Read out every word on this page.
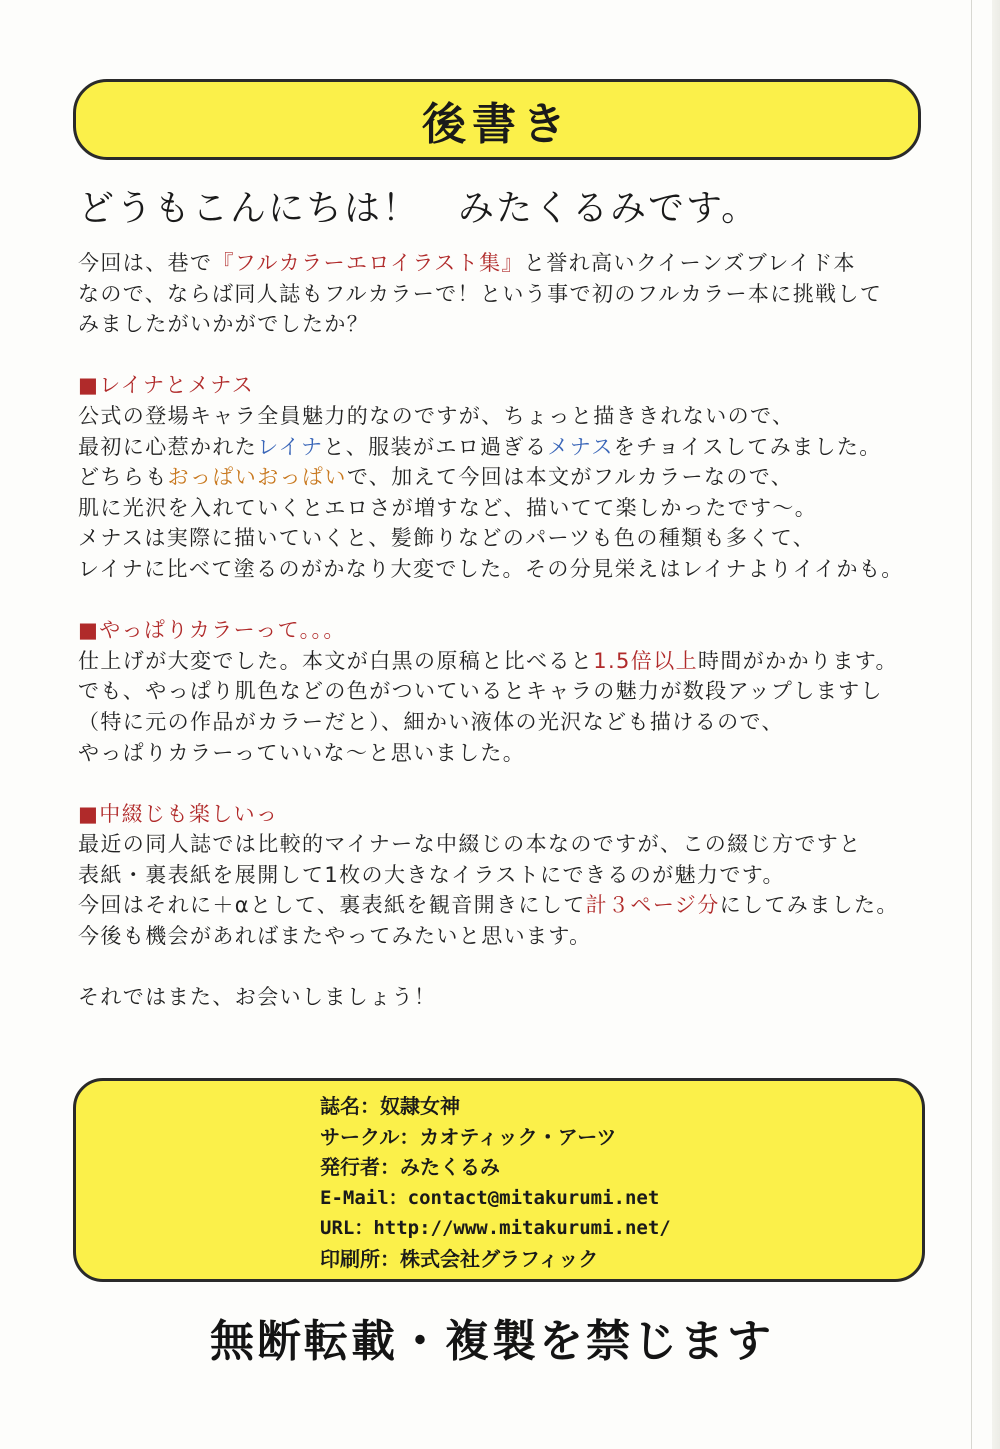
後書き
どうもこんにちは！　みたくるみです。

今回は、巷で『フルカラーエロイラスト集』と誉れ高いクイーンズブレイド本

なので、ならば同人誌もフルカラーで！という事で初のフルカラー本に挑戦して

みましたがいかがでしたか？

■レイナとメナス

公式の登場キャラ全員魅力的なのですが、ちょっと描ききれないので、

最初に心惹かれたレイナと、服装がエロ過ぎるメナスをチョイスしてみました。

どちらもおっぱいおっぱいで、加えて今回は本文がフルカラーなので、

肌に光沢を入れていくとエロさが増すなど、描いてて楽しかったです～。

メナスは実際に描いていくと、髪飾りなどのパーツも色の種類も多くて、

レイナに比べて塗るのがかなり大変でした。その分見栄えはレイナよりイイかも。

■やっぱりカラーって。。。

仕上げが大変でした。本文が白黒の原稿と比べると1.5倍以上時間がかかります。

でも、やっぱり肌色などの色がついているとキャラの魅力が数段アップしますし

（特に元の作品がカラーだと）、細かい液体の光沢なども描けるので、

やっぱりカラーっていいな～と思いました。

■中綴じも楽しいっ

最近の同人誌では比較的マイナーな中綴じの本なのですが、この綴じ方ですと

表紙・裏表紙を展開して1枚の大きなイラストにできるのが魅力です。

今回はそれに＋αとして、裏表紙を観音開きにして計３ページ分にしてみました。

今後も機会があればまたやってみたいと思います。

それではまた、お会いしましょう！

誌名：奴隷女神
サークル：カオティック・アーツ
発行者：みたくるみ
E-Mail：contact@mitakurumi.net
URL：http://www.mitakurumi.net/
印刷所：株式会社グラフィック
無断転載・複製を禁じます
